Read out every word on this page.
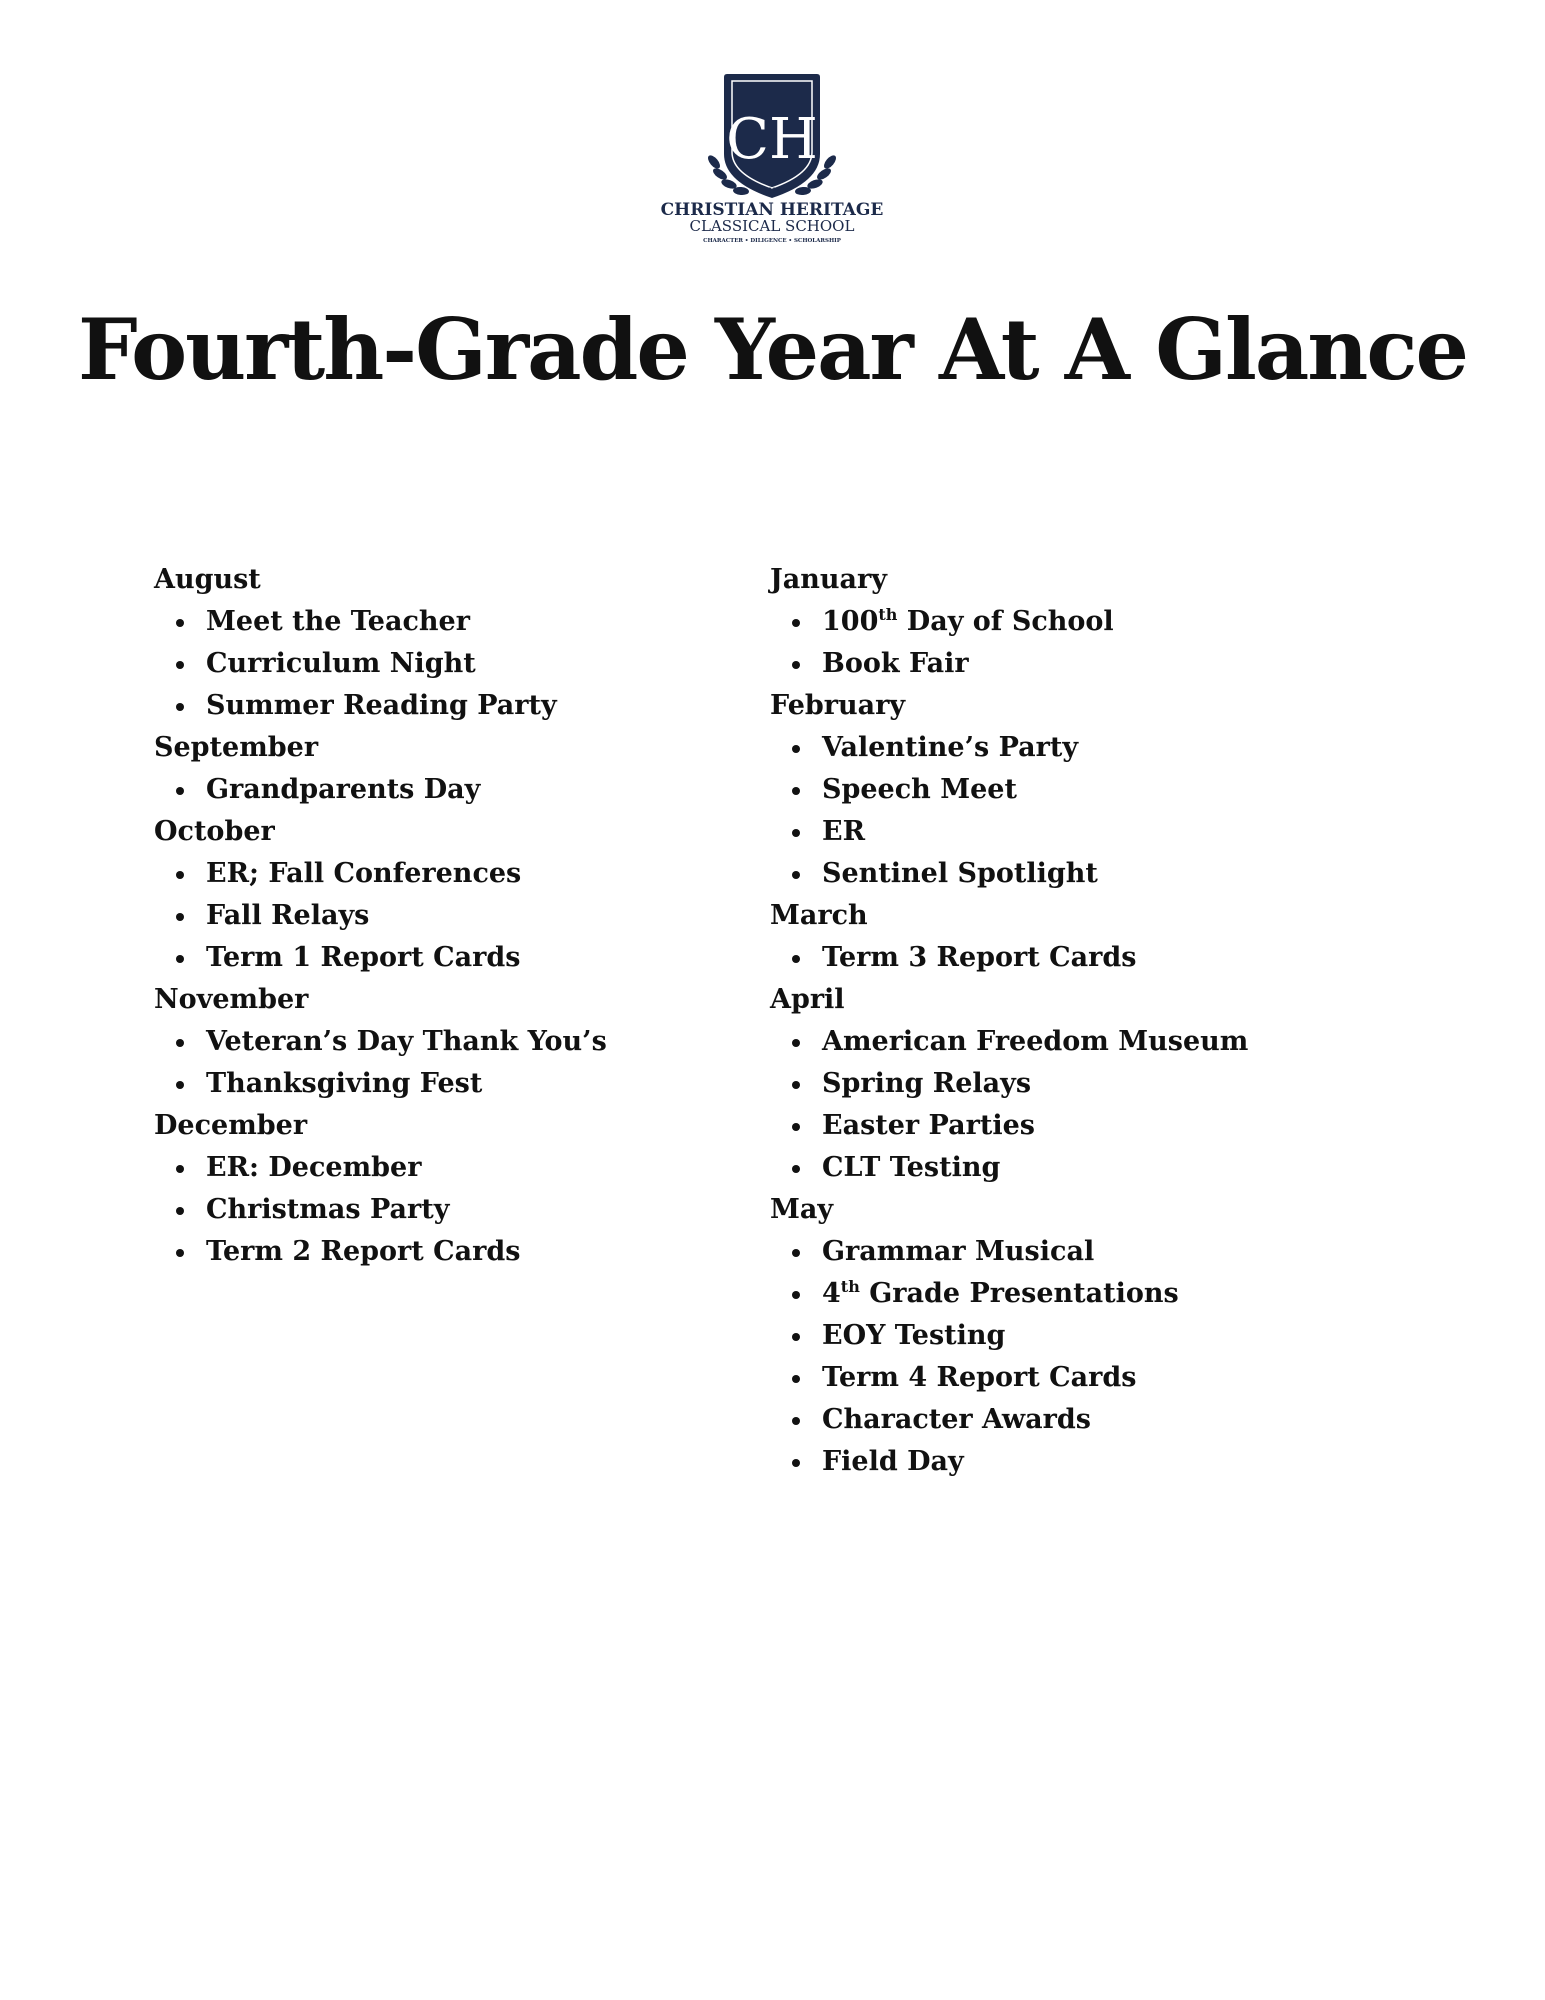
CH
1994
CHRISTIAN HERITAGE
CLASSICAL SCHOOL
CHARACTER • DILIGENCE • SCHOLARSHIP
Fourth-Grade Year At A Glance
August
Meet the Teacher
Curriculum Night
Summer Reading Party
September
Grandparents Day
October
ER; Fall Conferences
Fall Relays
Term 1 Report Cards
November
Veteran’s Day Thank You’s
Thanksgiving Fest
December
ER: December
Christmas Party
Term 2 Report Cards
January
100th Day of School
Book Fair
February
Valentine’s Party
Speech Meet
ER
Sentinel Spotlight
March
Term 3 Report Cards
April
American Freedom Museum
Spring Relays
Easter Parties
CLT Testing
May
Grammar Musical
4th Grade Presentations
EOY Testing
Term 4 Report Cards
Character Awards
Field Day
